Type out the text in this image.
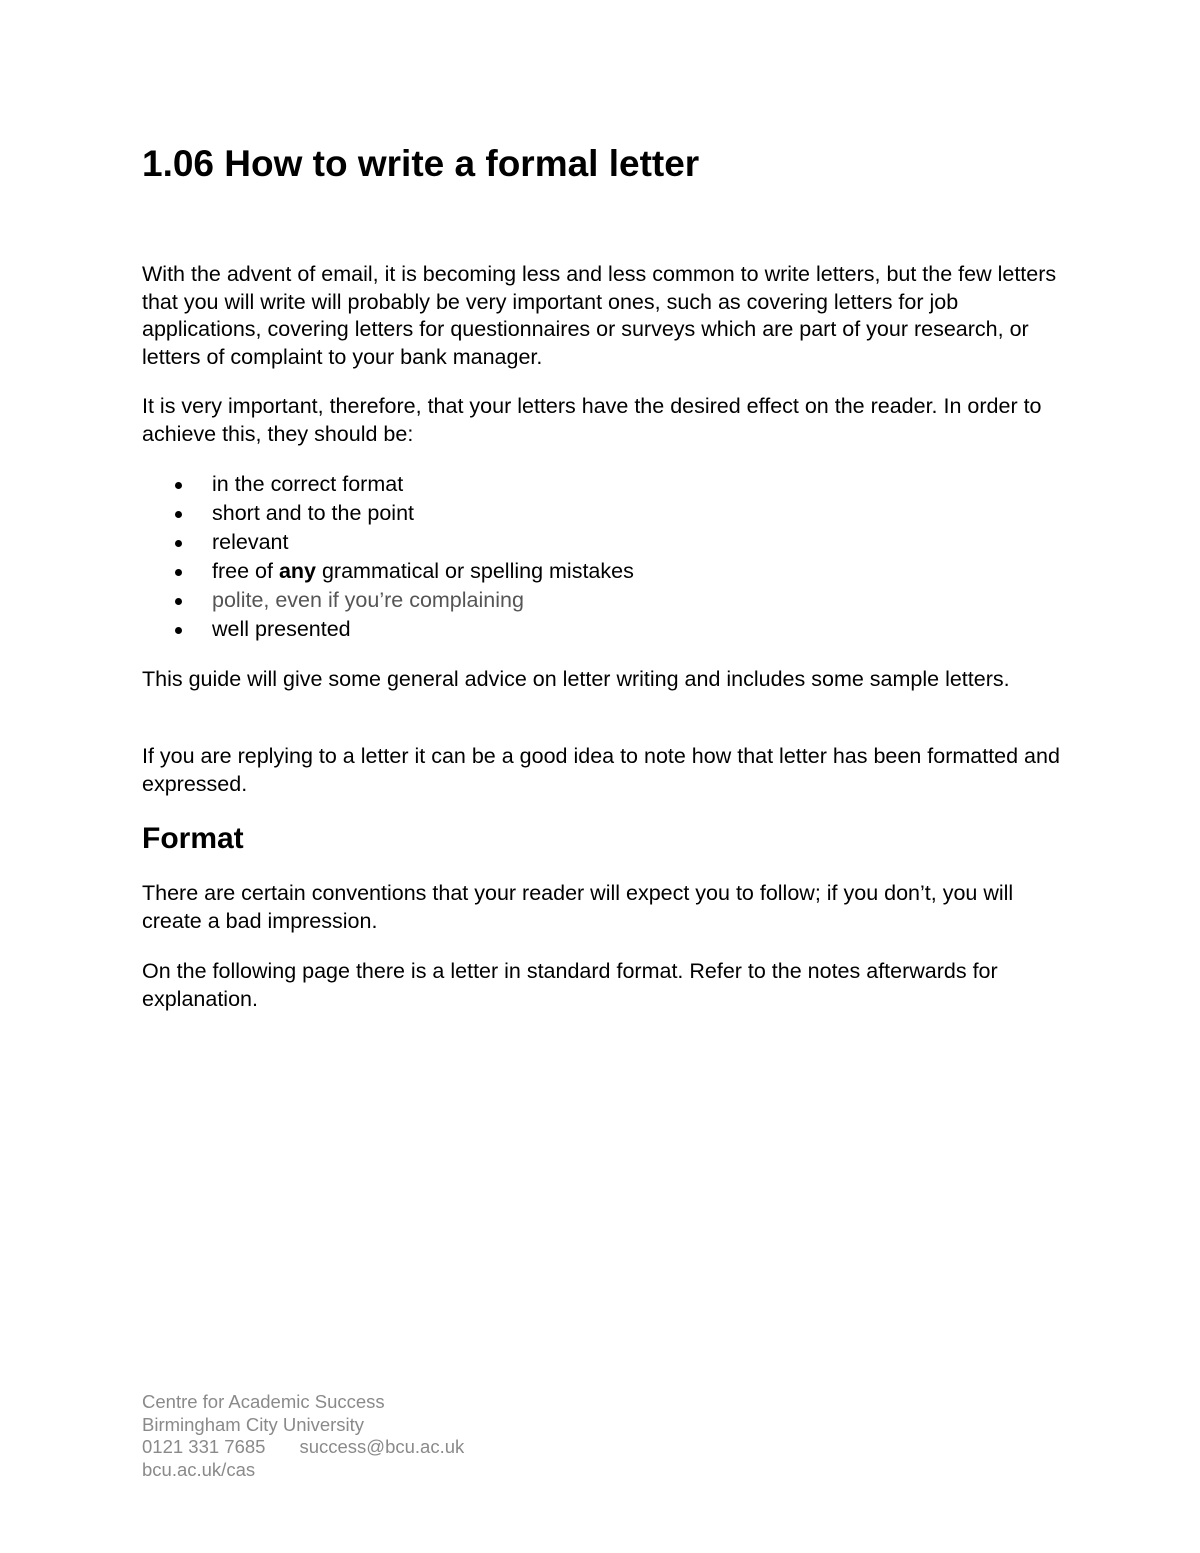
1.06 How to write a formal letter

With the advent of email, it is becoming less and less common to write letters, but the few letters that you will write will probably be very important ones, such as covering letters for job applications, covering letters for questionnaires or surveys which are part of your research, or letters of complaint to your bank manager.

It is very important, therefore, that your letters have the desired effect on the reader. In order to achieve this, they should be:

in the correct format
short and to the point
relevant
free of any grammatical or spelling mistakes
polite, even if you’re complaining
well presented

This guide will give some general advice on letter writing and includes some sample letters.

If you are replying to a letter it can be a good idea to note how that letter has been formatted and expressed.

Format

There are certain conventions that your reader will expect you to follow; if you don’t, you will create a bad impression.

On the following page there is a letter in standard format. Refer to the notes afterwards for explanation.

Centre for Academic Success
Birmingham City University
0121 331 7685 success@bcu.ac.uk
bcu.ac.uk/cas
